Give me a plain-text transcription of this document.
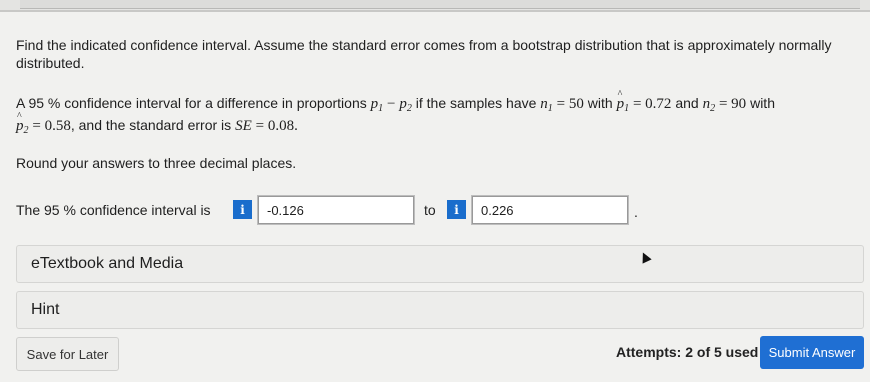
Find the indicated confidence interval. Assume the standard error comes from a bootstrap distribution that is approximately normally
distributed.
A 95 % confidence interval for a difference in proportions $p_1 - p_2$ if the samples have $n_1 = 50$ with ^ $p_1 = 0.72$ and $n_2 = 90$ with
^ $p_2 = 0.58$, and the standard error is SE = 0.08.
Round your answers to three decimal places.
The 95 % confidence interval is	i	-0.126	to	i	0.226	.
eTextbook and Media
Hint
Save for Later	Attempts: 2 of 5 used Submit Answer
